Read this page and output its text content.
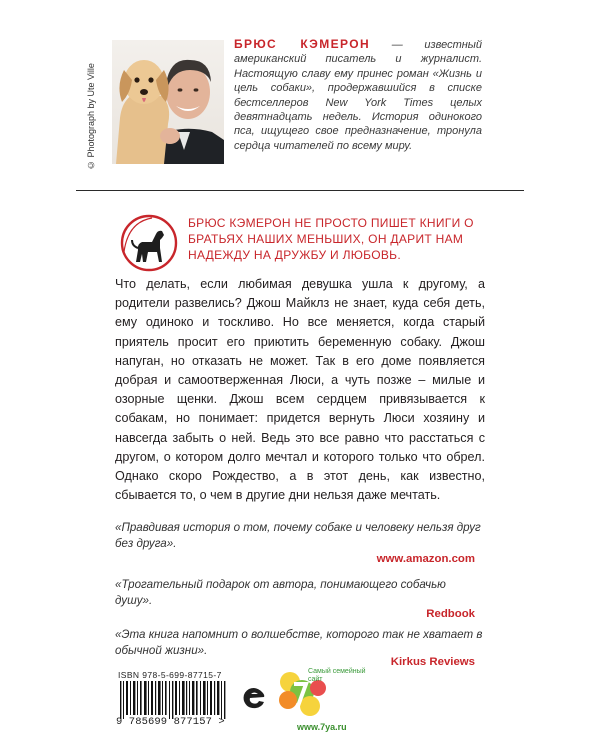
© Photograph by Ute Ville
БРЮС КЭМЕРОН — известный американский писатель и журналист. Настоящую славу ему принес роман «Жизнь и цель собаки», продержавшийся в списке бестселлеров New York Times целых девятнадцать недель. История одинокого пса, ищущего свое предназначение, тронула сердца читателей по всему миру.
БРЮС КЭМЕРОН НЕ ПРОСТО ПИШЕТ КНИГИ О БРАТЬЯХ НАШИХ МЕНЬШИХ, ОН ДАРИТ НАМ НАДЕЖДУ НА ДРУЖБУ И ЛЮБОВЬ.
Что делать, если любимая девушка ушла к другому, а родители развелись? Джош Майклз не знает, куда себя деть, ему одиноко и тоскливо. Но все меняется, когда старый приятель просит его приютить беременную собаку. Джош напуган, но отказать не может. Так в его доме появляется добрая и самоотверженная Люси, а чуть позже – милые и озорные щенки. Джош всем сердцем привязывается к собакам, но понимает: придется вернуть Люси хозяину и навсегда забыть о ней. Ведь это все равно что расстаться с другом, о котором долго мечтал и которого только что обрел. Однако скоро Рождество, а в этот день, как известно, сбывается то, о чем в другие дни нельзя даже мечтать.
«Правдивая история о том, почему собаке и человеку нельзя друг без друга».
www.amazon.com
«Трогательный подарок от автора, понимающего собачью душу».
Redbook
«Эта книга напомнит о волшебстве, которого так не хватает в обычной жизни».
Kirkus Reviews
ISBN 978-5-699-87715-7
9 785699 877157 >
Самый семейный сайт
www.7ya.ru
